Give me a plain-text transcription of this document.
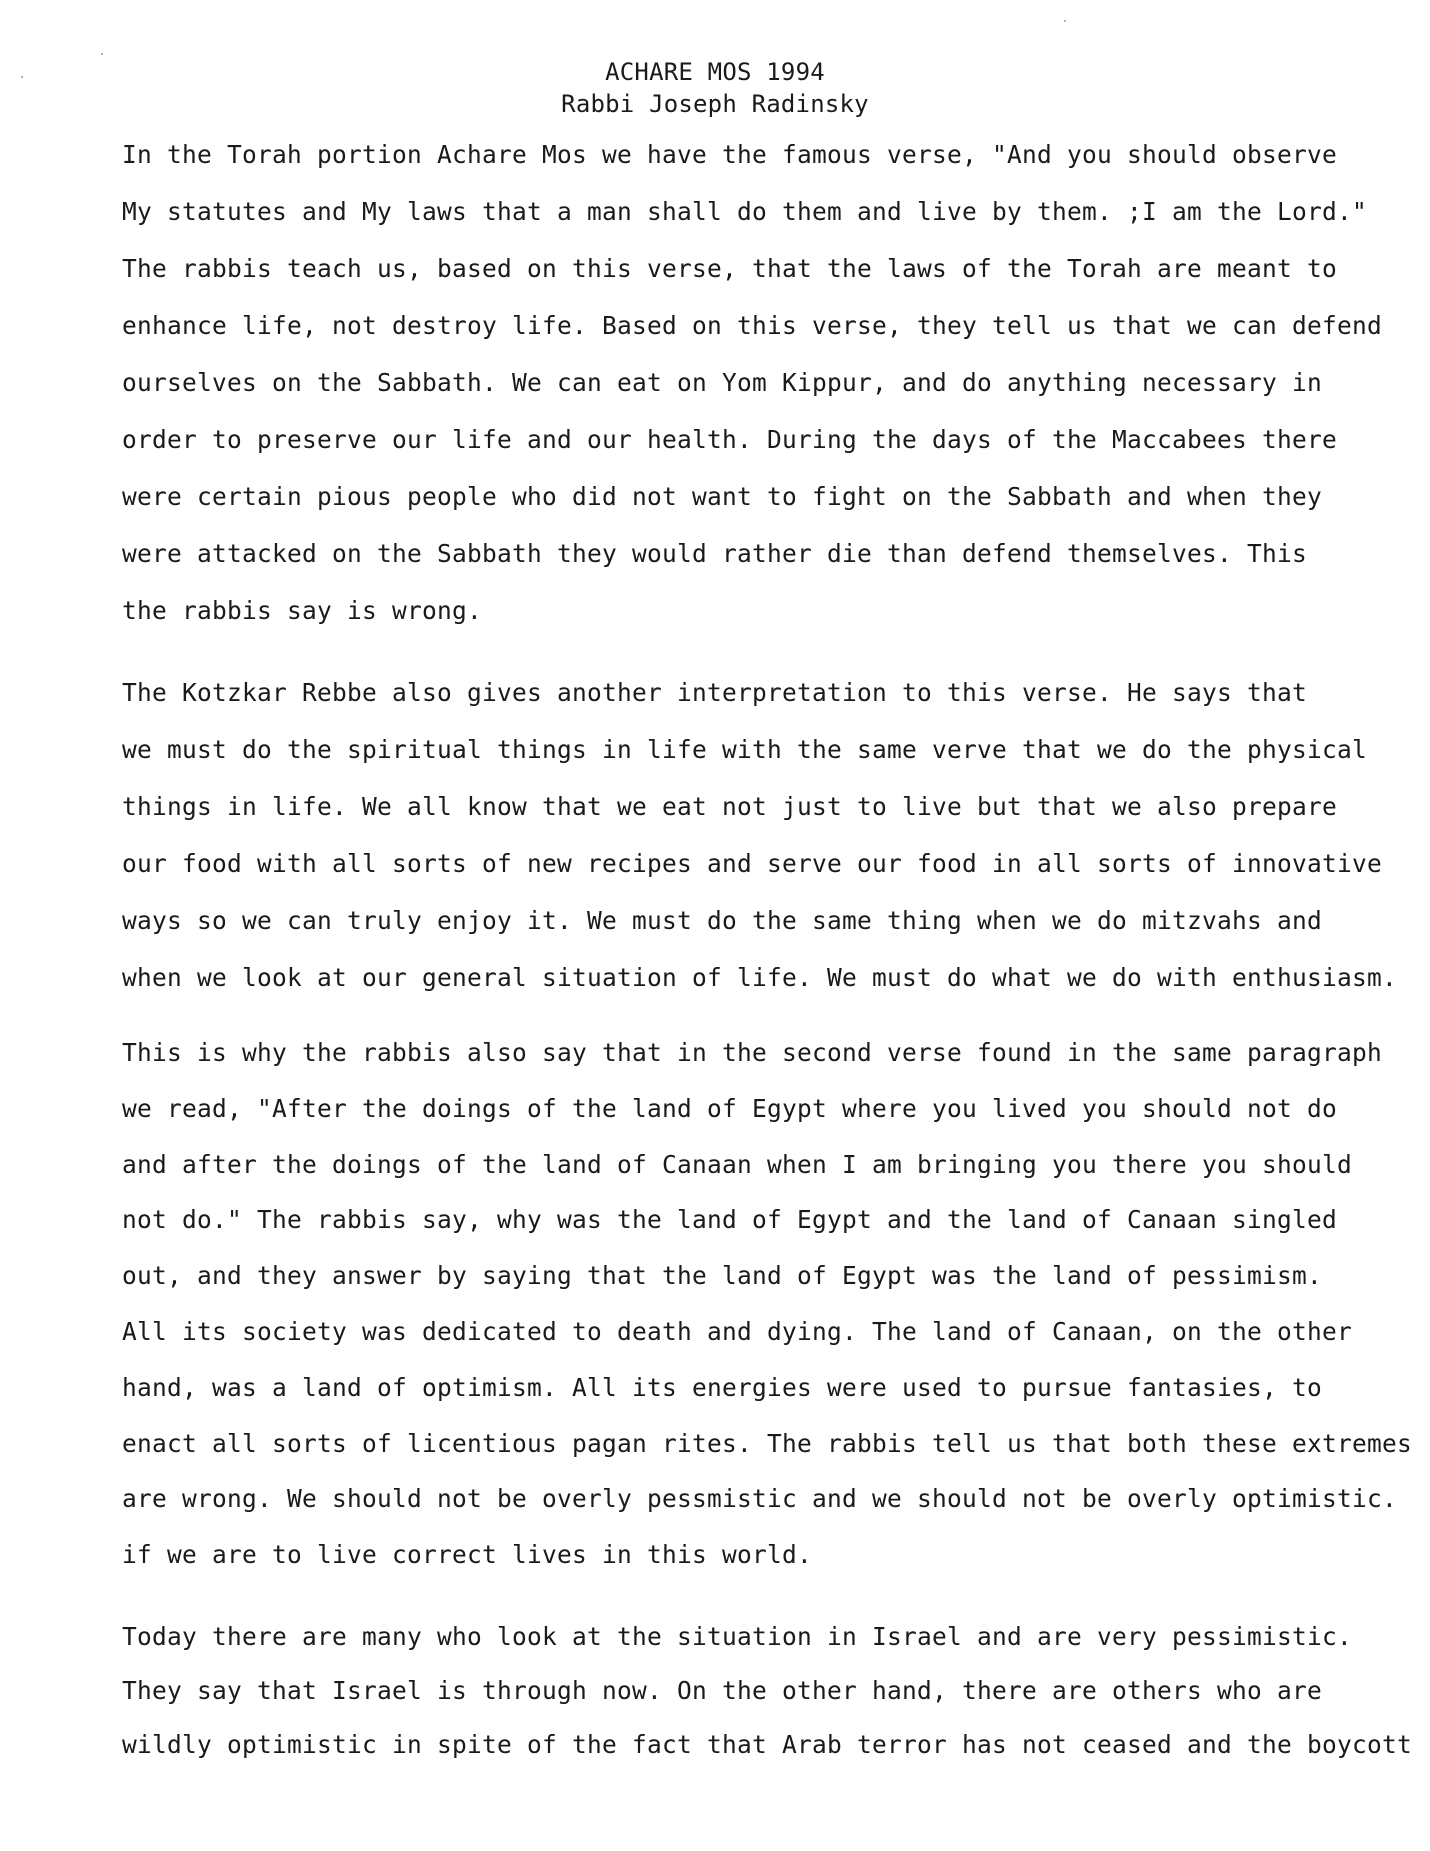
ACHARE MOS 1994
Rabbi Joseph Radinsky

In the Torah portion Achare Mos we have the famous verse, "And you should observe
My statutes and My laws that a man shall do them and live by them. ;I am the Lord."
The rabbis teach us, based on this verse, that the laws of the Torah are meant to
enhance life, not destroy life. Based on this verse, they tell us that we can defend
ourselves on the Sabbath. We can eat on Yom Kippur, and do anything necessary in
order to preserve our life and our health. During the days of the Maccabees there
were certain pious people who did not want to fight on the Sabbath and when they
were attacked on the Sabbath they would rather die than defend themselves. This
the rabbis say is wrong.

The Kotzkar Rebbe also gives another interpretation to this verse. He says that
we must do the spiritual things in life with the same verve that we do the physical
things in life. We all know that we eat not just to live but that we also prepare
our food with all sorts of new recipes and serve our food in all sorts of innovative
ways so we can truly enjoy it. We must do the same thing when we do mitzvahs and
when we look at our general situation of life. We must do what we do with enthusiasm.

This is why the rabbis also say that in the second verse found in the same paragraph
we read, "After the doings of the land of Egypt where you lived you should not do
and after the doings of the land of Canaan when I am bringing you there you should
not do." The rabbis say, why was the land of Egypt and the land of Canaan singled
out, and they answer by saying that the land of Egypt was the land of pessimism.
All its society was dedicated to death and dying. The land of Canaan, on the other
hand, was a land of optimism. All its energies were used to pursue fantasies, to
enact all sorts of licentious pagan rites. The rabbis tell us that both these extremes
are wrong. We should not be overly pessmistic and we should not be overly optimistic.
if we are to live correct lives in this world.

Today there are many who look at the situation in Israel and are very pessimistic.
They say that Israel is through now. On the other hand, there are others who are
wildly optimistic in spite of the fact that Arab terror has not ceased and the boycott
